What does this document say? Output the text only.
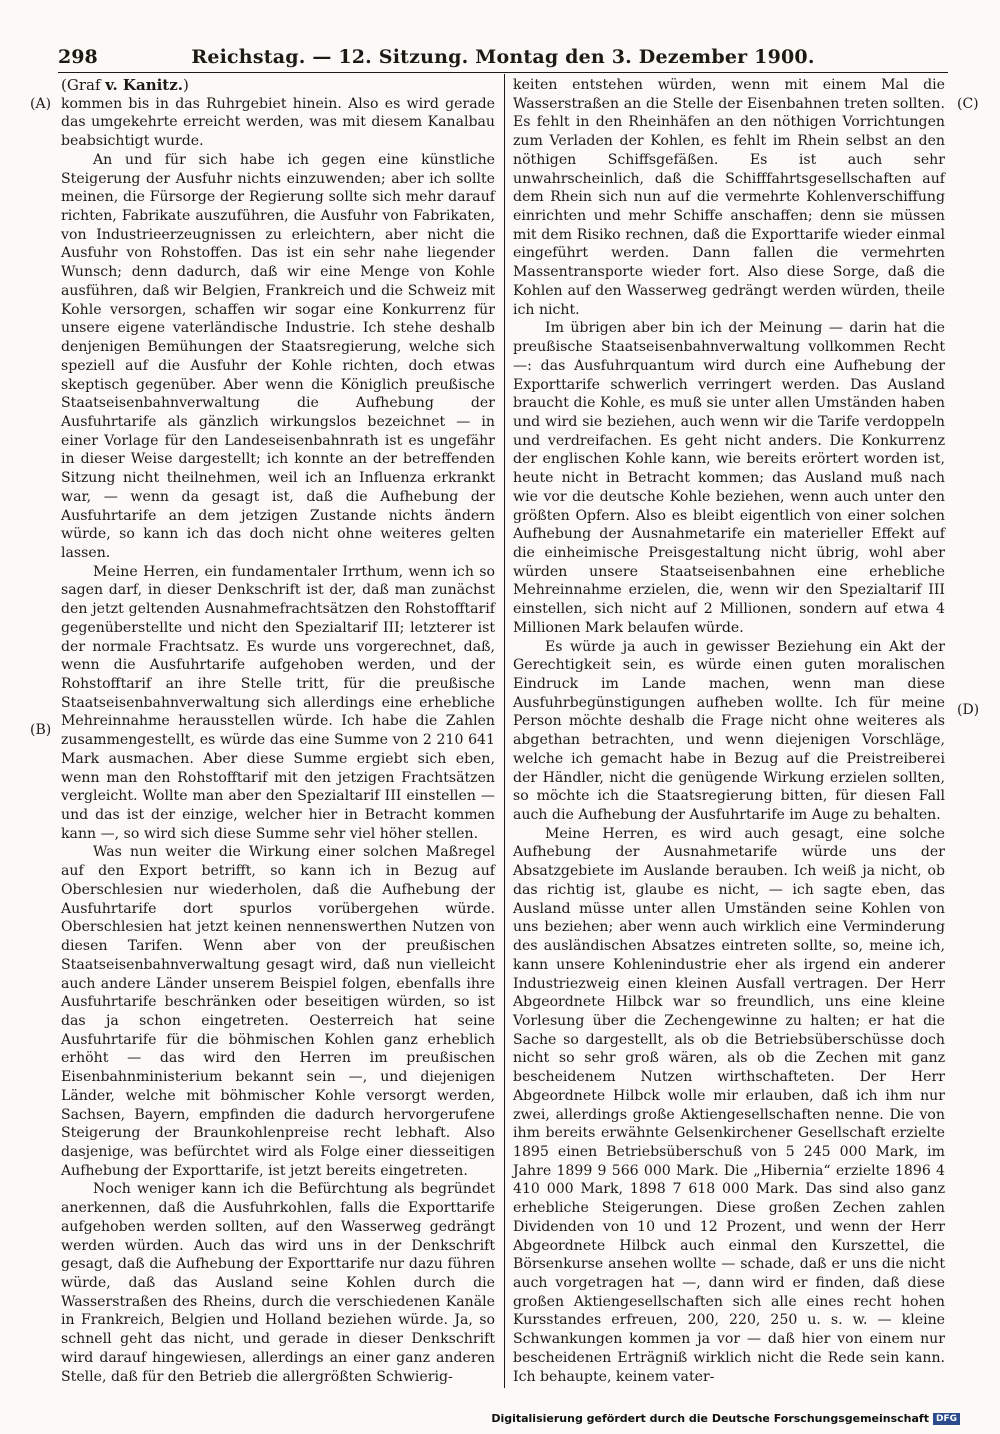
298	Reichstag. — 12. Sitzung. Montag den 3. Dezember 1900.
(A)
(B)
(C)
(D)

(Graf v. Kanitz.)

kommen bis in das Ruhrgebiet hinein. Also es wird gerade das umgekehrte erreicht werden, was mit diesem Kanalbau beabsichtigt wurde.

An und für sich habe ich gegen eine künstliche Steigerung der Ausfuhr nichts einzuwenden; aber ich sollte meinen, die Fürsorge der Regierung sollte sich mehr darauf richten, Fabrikate auszuführen, die Ausfuhr von Fabrikaten, von Industrieerzeugnissen zu erleichtern, aber nicht die Ausfuhr von Rohstoffen. Das ist ein sehr nahe liegender Wunsch; denn dadurch, daß wir eine Menge von Kohle ausführen, daß wir Belgien, Frankreich und die Schweiz mit Kohle versorgen, schaffen wir sogar eine Konkurrenz für unsere eigene vaterländische Industrie. Ich stehe deshalb denjenigen Bemühungen der Staatsregierung, welche sich speziell auf die Ausfuhr der Kohle richten, doch etwas skeptisch gegenüber. Aber wenn die Königlich preußische Staatseisenbahnverwaltung die Aufhebung der Ausfuhrtarife als gänzlich wirkungslos bezeichnet — in einer Vorlage für den Landeseisenbahnrath ist es ungefähr in dieser Weise dargestellt; ich konnte an der betreffenden Sitzung nicht theilnehmen, weil ich an Influenza erkrankt war, — wenn da gesagt ist, daß die Aufhebung der Ausfuhrtarife an dem jetzigen Zustande nichts ändern würde, so kann ich das doch nicht ohne weiteres gelten lassen.

Meine Herren, ein fundamentaler Irrthum, wenn ich so sagen darf, in dieser Denkschrift ist der, daß man zunächst den jetzt geltenden Ausnahmefrachtsätzen den Rohstofftarif gegenüberstellte und nicht den Spezialtarif III; letzterer ist der normale Frachtsatz. Es wurde uns vorgerechnet, daß, wenn die Ausfuhrtarife aufgehoben werden, und der Rohstofftarif an ihre Stelle tritt, für die preußische Staatseisenbahnverwaltung sich allerdings eine erhebliche Mehreinnahme herausstellen würde. Ich habe die Zahlen zusammengestellt, es würde das eine Summe von 2 210 641 Mark ausmachen. Aber diese Summe ergiebt sich eben, wenn man den Rohstofftarif mit den jetzigen Frachtsätzen vergleicht. Wollte man aber den Spezialtarif III einstellen — und das ist der einzige, welcher hier in Betracht kommen kann —, so wird sich diese Summe sehr viel höher stellen.

Was nun weiter die Wirkung einer solchen Maßregel auf den Export betrifft, so kann ich in Bezug auf Oberschlesien nur wiederholen, daß die Aufhebung der Ausfuhrtarife dort spurlos vorübergehen würde. Oberschlesien hat jetzt keinen nennenswerthen Nutzen von diesen Tarifen. Wenn aber von der preußischen Staatseisenbahnverwaltung gesagt wird, daß nun vielleicht auch andere Länder unserem Beispiel folgen, ebenfalls ihre Ausfuhrtarife beschränken oder beseitigen würden, so ist das ja schon eingetreten. Oesterreich hat seine Ausfuhrtarife für die böhmischen Kohlen ganz erheblich erhöht — das wird den Herren im preußischen Eisenbahnministerium bekannt sein —, und diejenigen Länder, welche mit böhmischer Kohle versorgt werden, Sachsen, Bayern, empfinden die dadurch hervorgerufene Steigerung der Braunkohlenpreise recht lebhaft. Also dasjenige, was befürchtet wird als Folge einer diesseitigen Aufhebung der Exporttarife, ist jetzt bereits eingetreten.

Noch weniger kann ich die Befürchtung als begründet anerkennen, daß die Ausfuhrkohlen, falls die Exporttarife aufgehoben werden sollten, auf den Wasserweg gedrängt werden würden. Auch das wird uns in der Denkschrift gesagt, daß die Aufhebung der Exporttarife nur dazu führen würde, daß das Ausland seine Kohlen durch die Wasserstraßen des Rheins, durch die verschiedenen Kanäle in Frankreich, Belgien und Holland beziehen würde. Ja, so schnell geht das nicht, und gerade in dieser Denkschrift wird darauf hingewiesen, allerdings an einer ganz anderen Stelle, daß für den Betrieb die allergrößten Schwierig-

keiten entstehen würden, wenn mit einem Mal die Wasserstraßen an die Stelle der Eisenbahnen treten sollten. Es fehlt in den Rheinhäfen an den nöthigen Vorrichtungen zum Verladen der Kohlen, es fehlt im Rhein selbst an den nöthigen Schiffsgefäßen. Es ist auch sehr unwahrscheinlich, daß die Schifffahrtsgesellschaften auf dem Rhein sich nun auf die vermehrte Kohlenverschiffung einrichten und mehr Schiffe anschaffen; denn sie müssen mit dem Risiko rechnen, daß die Exporttarife wieder einmal eingeführt werden. Dann fallen die vermehrten Massentransporte wieder fort. Also diese Sorge, daß die Kohlen auf den Wasserweg gedrängt werden würden, theile ich nicht.

Im übrigen aber bin ich der Meinung — darin hat die preußische Staatseisenbahnverwaltung vollkommen Recht —: das Ausfuhrquantum wird durch eine Aufhebung der Exporttarife schwerlich verringert werden. Das Ausland braucht die Kohle, es muß sie unter allen Umständen haben und wird sie beziehen, auch wenn wir die Tarife verdoppeln und verdreifachen. Es geht nicht anders. Die Konkurrenz der englischen Kohle kann, wie bereits erörtert worden ist, heute nicht in Betracht kommen; das Ausland muß nach wie vor die deutsche Kohle beziehen, wenn auch unter den größten Opfern. Also es bleibt eigentlich von einer solchen Aufhebung der Ausnahmetarife ein materieller Effekt auf die einheimische Preisgestaltung nicht übrig, wohl aber würden unsere Staatseisenbahnen eine erhebliche Mehreinnahme erzielen, die, wenn wir den Spezialtarif III einstellen, sich nicht auf 2 Millionen, sondern auf etwa 4 Millionen Mark belaufen würde.

Es würde ja auch in gewisser Beziehung ein Akt der Gerechtigkeit sein, es würde einen guten moralischen Eindruck im Lande machen, wenn man diese Ausfuhrbegünstigungen aufheben wollte. Ich für meine Person möchte deshalb die Frage nicht ohne weiteres als abgethan betrachten, und wenn diejenigen Vorschläge, welche ich gemacht habe in Bezug auf die Preistreiberei der Händler, nicht die genügende Wirkung erzielen sollten, so möchte ich die Staatsregierung bitten, für diesen Fall auch die Aufhebung der Ausfuhrtarife im Auge zu behalten.

Meine Herren, es wird auch gesagt, eine solche Aufhebung der Ausnahmetarife würde uns der Absatzgebiete im Auslande berauben. Ich weiß ja nicht, ob das richtig ist, glaube es nicht, — ich sagte eben, das Ausland müsse unter allen Umständen seine Kohlen von uns beziehen; aber wenn auch wirklich eine Verminderung des ausländischen Absatzes eintreten sollte, so, meine ich, kann unsere Kohlenindustrie eher als irgend ein anderer Industriezweig einen kleinen Ausfall vertragen. Der Herr Abgeordnete Hilbck war so freundlich, uns eine kleine Vorlesung über die Zechengewinne zu halten; er hat die Sache so dargestellt, als ob die Betriebsüberschüsse doch nicht so sehr groß wären, als ob die Zechen mit ganz bescheidenem Nutzen wirthschafteten. Der Herr Abgeordnete Hilbck wolle mir erlauben, daß ich ihm nur zwei, allerdings große Aktiengesellschaften nenne. Die von ihm bereits erwähnte Gelsenkirchener Gesellschaft erzielte 1895 einen Betriebsüberschuß von 5 245 000 Mark, im Jahre 1899 9 566 000 Mark. Die „Hibernia“ erzielte 1896 4 410 000 Mark, 1898 7 618 000 Mark. Das sind also ganz erhebliche Steigerungen. Diese großen Zechen zahlen Dividenden von 10 und 12 Prozent, und wenn der Herr Abgeordnete Hilbck auch einmal den Kurszettel, die Börsenkurse ansehen wollte — schade, daß er uns die nicht auch vorgetragen hat —, dann wird er finden, daß diese großen Aktiengesellschaften sich alle eines recht hohen Kursstandes erfreuen, 200, 220, 250 u. s. w. — kleine Schwankungen kommen ja vor — daß hier von einem nur bescheidenen Erträgniß wirklich nicht die Rede sein kann. Ich behaupte, keinem vater-

Digitalisierung gefördert durch die Deutsche Forschungsgemeinschaft DFG
